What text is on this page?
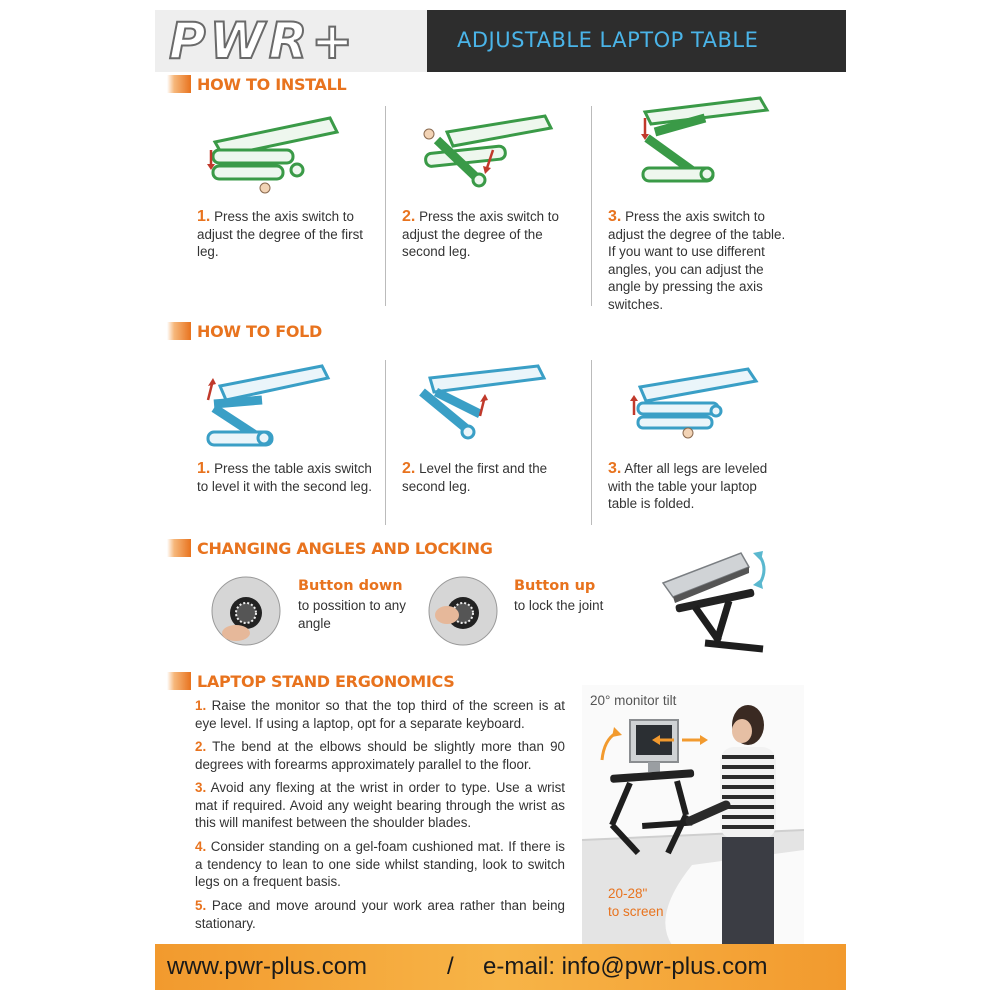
PWR+	ADJUSTABLE LAPTOP TABLE
HOW TO INSTALL
1. Press the axis switch to adjust the degree of the first leg.
2. Press the axis switch to adjust the degree of the second leg.
3. Press the axis switch to adjust the degree of the table. If you want to use different angles, you can adjust the angle by pressing the axis switches.
HOW TO FOLD
1. Press the table axis switch to level it with the second leg.
2. Level the first and the second leg.
3. After all legs are leveled with the table your laptop table is folded.
CHANGING ANGLES AND LOCKING
Button down
to possition to any angle
Button up
to lock the joint
LAPTOP STAND ERGONOMICS
1. Raise the monitor so that the top third of the screen is at eye level. If using a laptop, opt for a separate keyboard.
2. The bend at the elbows should be slightly more than 90 degrees with forearms approximately parallel to the floor.
3. Avoid any flexing at the wrist in order to type. Use a wrist mat if required. Avoid any weight bearing through the wrist as this will manifest between the shoulder blades.
4. Consider standing on a gel-foam cushioned mat. If there is a tendency to lean to one side whilst standing, look to switch legs on a frequent basis.
5. Pace and move around your work area rather than being stationary.
20° monitor tilt
20-28"
to screen
www.pwr-plus.com	/ e-mail: info@pwr-plus.com
